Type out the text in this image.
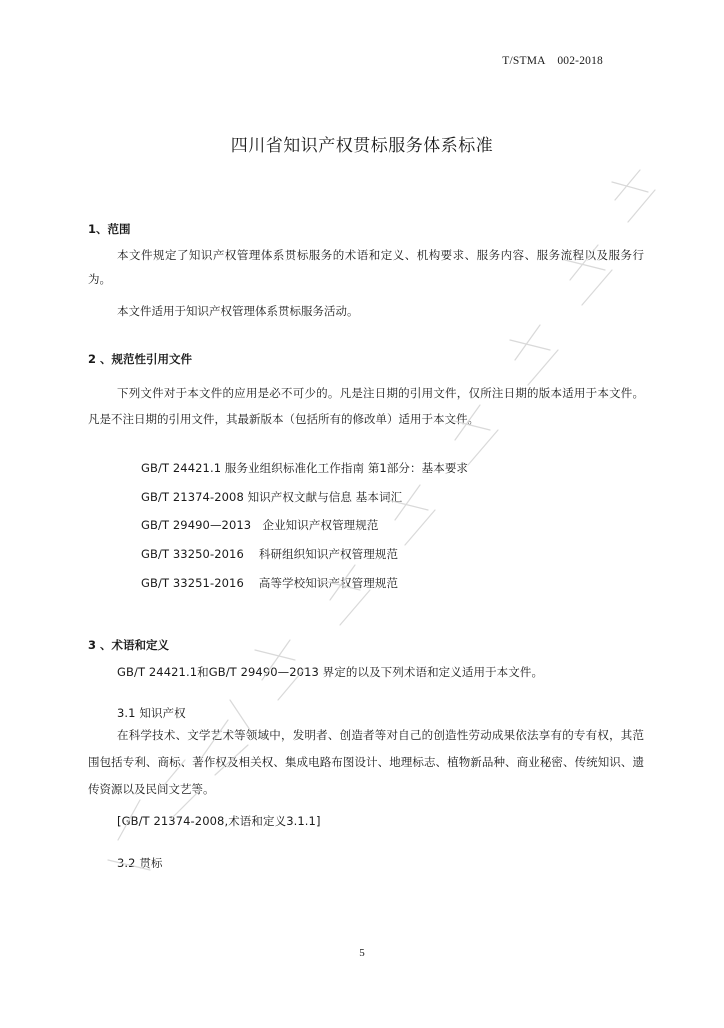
T/STMA    002-2018
四川省知识产权贯标服务体系标准
1、范围
本文件规定了知识产权管理体系贯标服务的术语和定义、机构要求、服务内容、服务流程以及服务行为。
本文件适用于知识产权管理体系贯标服务活动。
2 、规范性引用文件
下列文件对于本文件的应用是必不可少的。凡是注日期的引用文件，仅所注日期的版本适用于本文件。凡是不注日期的引用文件，其最新版本（包括所有的修改单）适用于本文件。
GB/T 24421.1 服务业组织标准化工作指南 第1部分：基本要求
GB/T 21374-2008 知识产权文献与信息 基本词汇
GB/T 29490—2013   企业知识产权管理规范
GB/T 33250-2016    科研组织知识产权管理规范
GB/T 33251-2016    高等学校知识产权管理规范
3 、术语和定义
GB/T 24421.1和GB/T 29490—2013 界定的以及下列术语和定义适用于本文件。
3.1 知识产权
在科学技术、文学艺术等领域中，发明者、创造者等对自己的创造性劳动成果依法享有的专有权，其范围包括专利、商标、著作权及相关权、集成电路布图设计、地理标志、植物新品种、商业秘密、传统知识、遗传资源以及民间文艺等。
[GB/T 21374-2008,术语和定义3.1.1]
3.2 贯标
5
